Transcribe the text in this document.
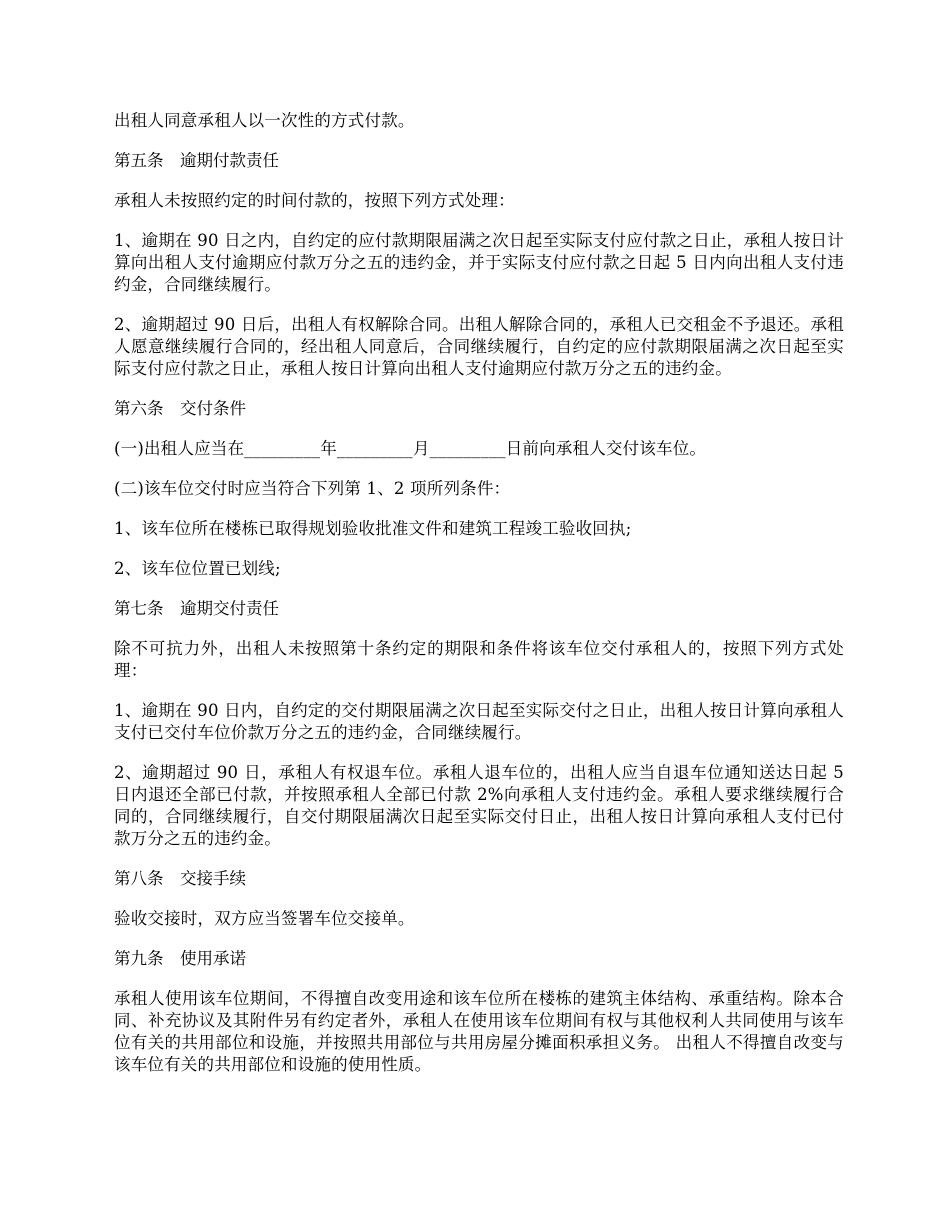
出租人同意承租人以一次性的方式付款。

第五条　逾期付款责任

承租人未按照约定的时间付款的，按照下列方式处理：

1、逾期在 90 日之内，自约定的应付款期限届满之次日起至实际支付应付款之日止，承租人按日计算向出租人支付逾期应付款万分之五的违约金，并于实际支付应付款之日起 5 日内向出租人支付违约金，合同继续履行。

2、逾期超过 90 日后，出租人有权解除合同。出租人解除合同的，承租人已交租金不予退还。承租人愿意继续履行合同的，经出租人同意后，合同继续履行，自约定的应付款期限届满之次日起至实际支付应付款之日止，承租人按日计算向出租人支付逾期应付款万分之五的违约金。

第六条　交付条件

(一)出租人应当在_________年_________月_________日前向承租人交付该车位。

(二)该车位交付时应当符合下列第 1、2 项所列条件：

1、该车位所在楼栋已取得规划验收批准文件和建筑工程竣工验收回执;

2、该车位位置已划线;

第七条　逾期交付责任

除不可抗力外，出租人未按照第十条约定的期限和条件将该车位交付承租人的，按照下列方式处理：

1、逾期在 90 日内，自约定的交付期限届满之次日起至实际交付之日止，出租人按日计算向承租人支付已交付车位价款万分之五的违约金，合同继续履行。

2、逾期超过 90 日，承租人有权退车位。承租人退车位的，出租人应当自退车位通知送达日起 5 日内退还全部已付款，并按照承租人全部已付款 2%向承租人支付违约金。承租人要求继续履行合同的，合同继续履行，自交付期限届满次日起至实际交付日止，出租人按日计算向承租人支付已付款万分之五的违约金。

第八条　交接手续

验收交接时，双方应当签署车位交接单。

第九条　使用承诺

承租人使用该车位期间，不得擅自改变用途和该车位所在楼栋的建筑主体结构、承重结构。除本合同、补充协议及其附件另有约定者外，承租人在使用该车位期间有权与其他权利人共同使用与该车位有关的共用部位和设施，并按照共用部位与共用房屋分摊面积承担义务。 出租人不得擅自改变与该车位有关的共用部位和设施的使用性质。
